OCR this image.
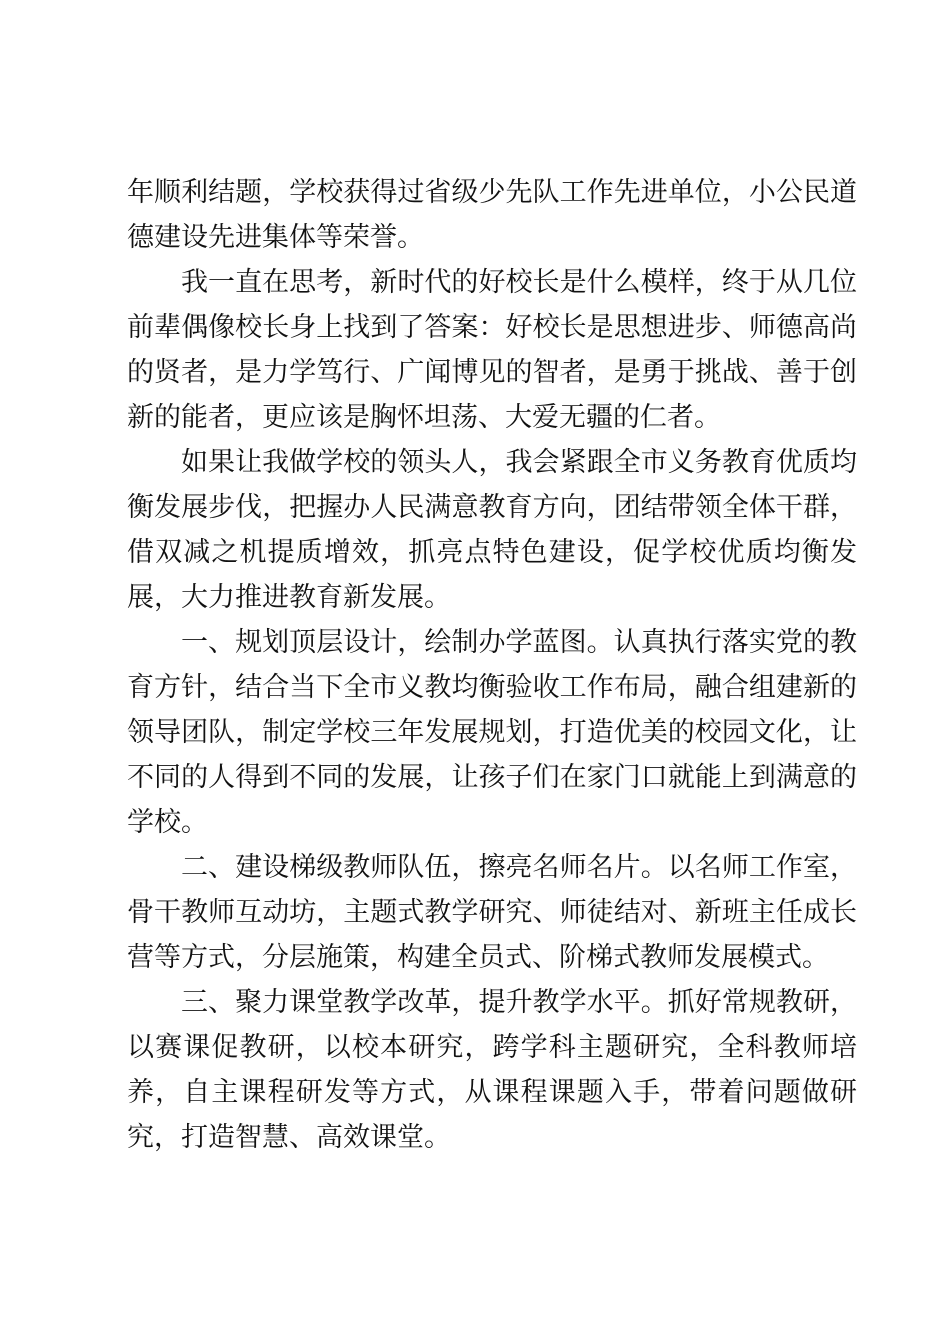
年顺利结题，学校获得过省级少先队工作先进单位，小公民道德建设先进集体等荣誉。

我一直在思考，新时代的好校长是什么模样，终于从几位前辈偶像校长身上找到了答案：好校长是思想进步、师德高尚的贤者，是力学笃行、广闻博见的智者，是勇于挑战、善于创新的能者，更应该是胸怀坦荡、大爱无疆的仁者。

如果让我做学校的领头人，我会紧跟全市义务教育优质均衡发展步伐，把握办人民满意教育方向，团结带领全体干群，借双减之机提质增效，抓亮点特色建设，促学校优质均衡发展，大力推进教育新发展。

一、规划顶层设计，绘制办学蓝图。认真执行落实党的教育方针，结合当下全市义教均衡验收工作布局，融合组建新的领导团队，制定学校三年发展规划，打造优美的校园文化，让不同的人得到不同的发展，让孩子们在家门口就能上到满意的学校。

二、建设梯级教师队伍，擦亮名师名片。以名师工作室，骨干教师互动坊，主题式教学研究、师徒结对、新班主任成长营等方式，分层施策，构建全员式、阶梯式教师发展模式。

三、聚力课堂教学改革，提升教学水平。抓好常规教研，以赛课促教研，以校本研究，跨学科主题研究，全科教师培养，自主课程研发等方式，从课程课题入手，带着问题做研究，打造智慧、高效课堂。
